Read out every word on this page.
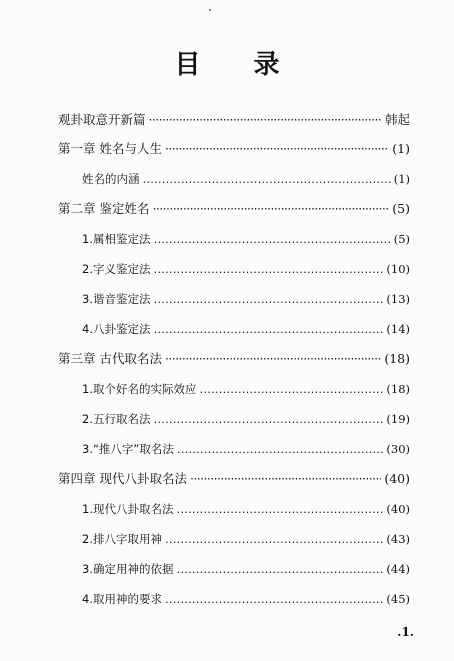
目 录
观卦取意开新篇 ·····	韩起
第一章 姓名与人生 ·····	(1)
姓名的内涵 ……………………………………………………………………………………………………………………………………	(1)
第二章 鉴定姓名 ·····	(5)
1.属相鉴定法 ……………………………………………………………………………………………………………………………………	(5)
2.字义鉴定法 ……………………………………………………………………………………………………………………………………	(10)
3.谐音鉴定法 ……………………………………………………………………………………………………………………………………	(13)
4.八卦鉴定法 ……………………………………………………………………………………………………………………………………	(14)
第三章 古代取名法 ·····	(18)
1.取个好名的实际效应 ……………………………………………………………………………………………………………………………………	(18)
2.五行取名法 ……………………………………………………………………………………………………………………………………	(19)
3.“推八字”取名法 ……………………………………………………………………………………………………………………………………	(30)
第四章 现代八卦取名法 ·····	(40)
1.现代八卦取名法 ……………………………………………………………………………………………………………………………………	(40)
2.排八字取用神 ……………………………………………………………………………………………………………………………………	(43)
3.确定用神的依据 ……………………………………………………………………………………………………………………………………	(44)
4.取用神的要求 ……………………………………………………………………………………………………………………………………	(45)
.1.
